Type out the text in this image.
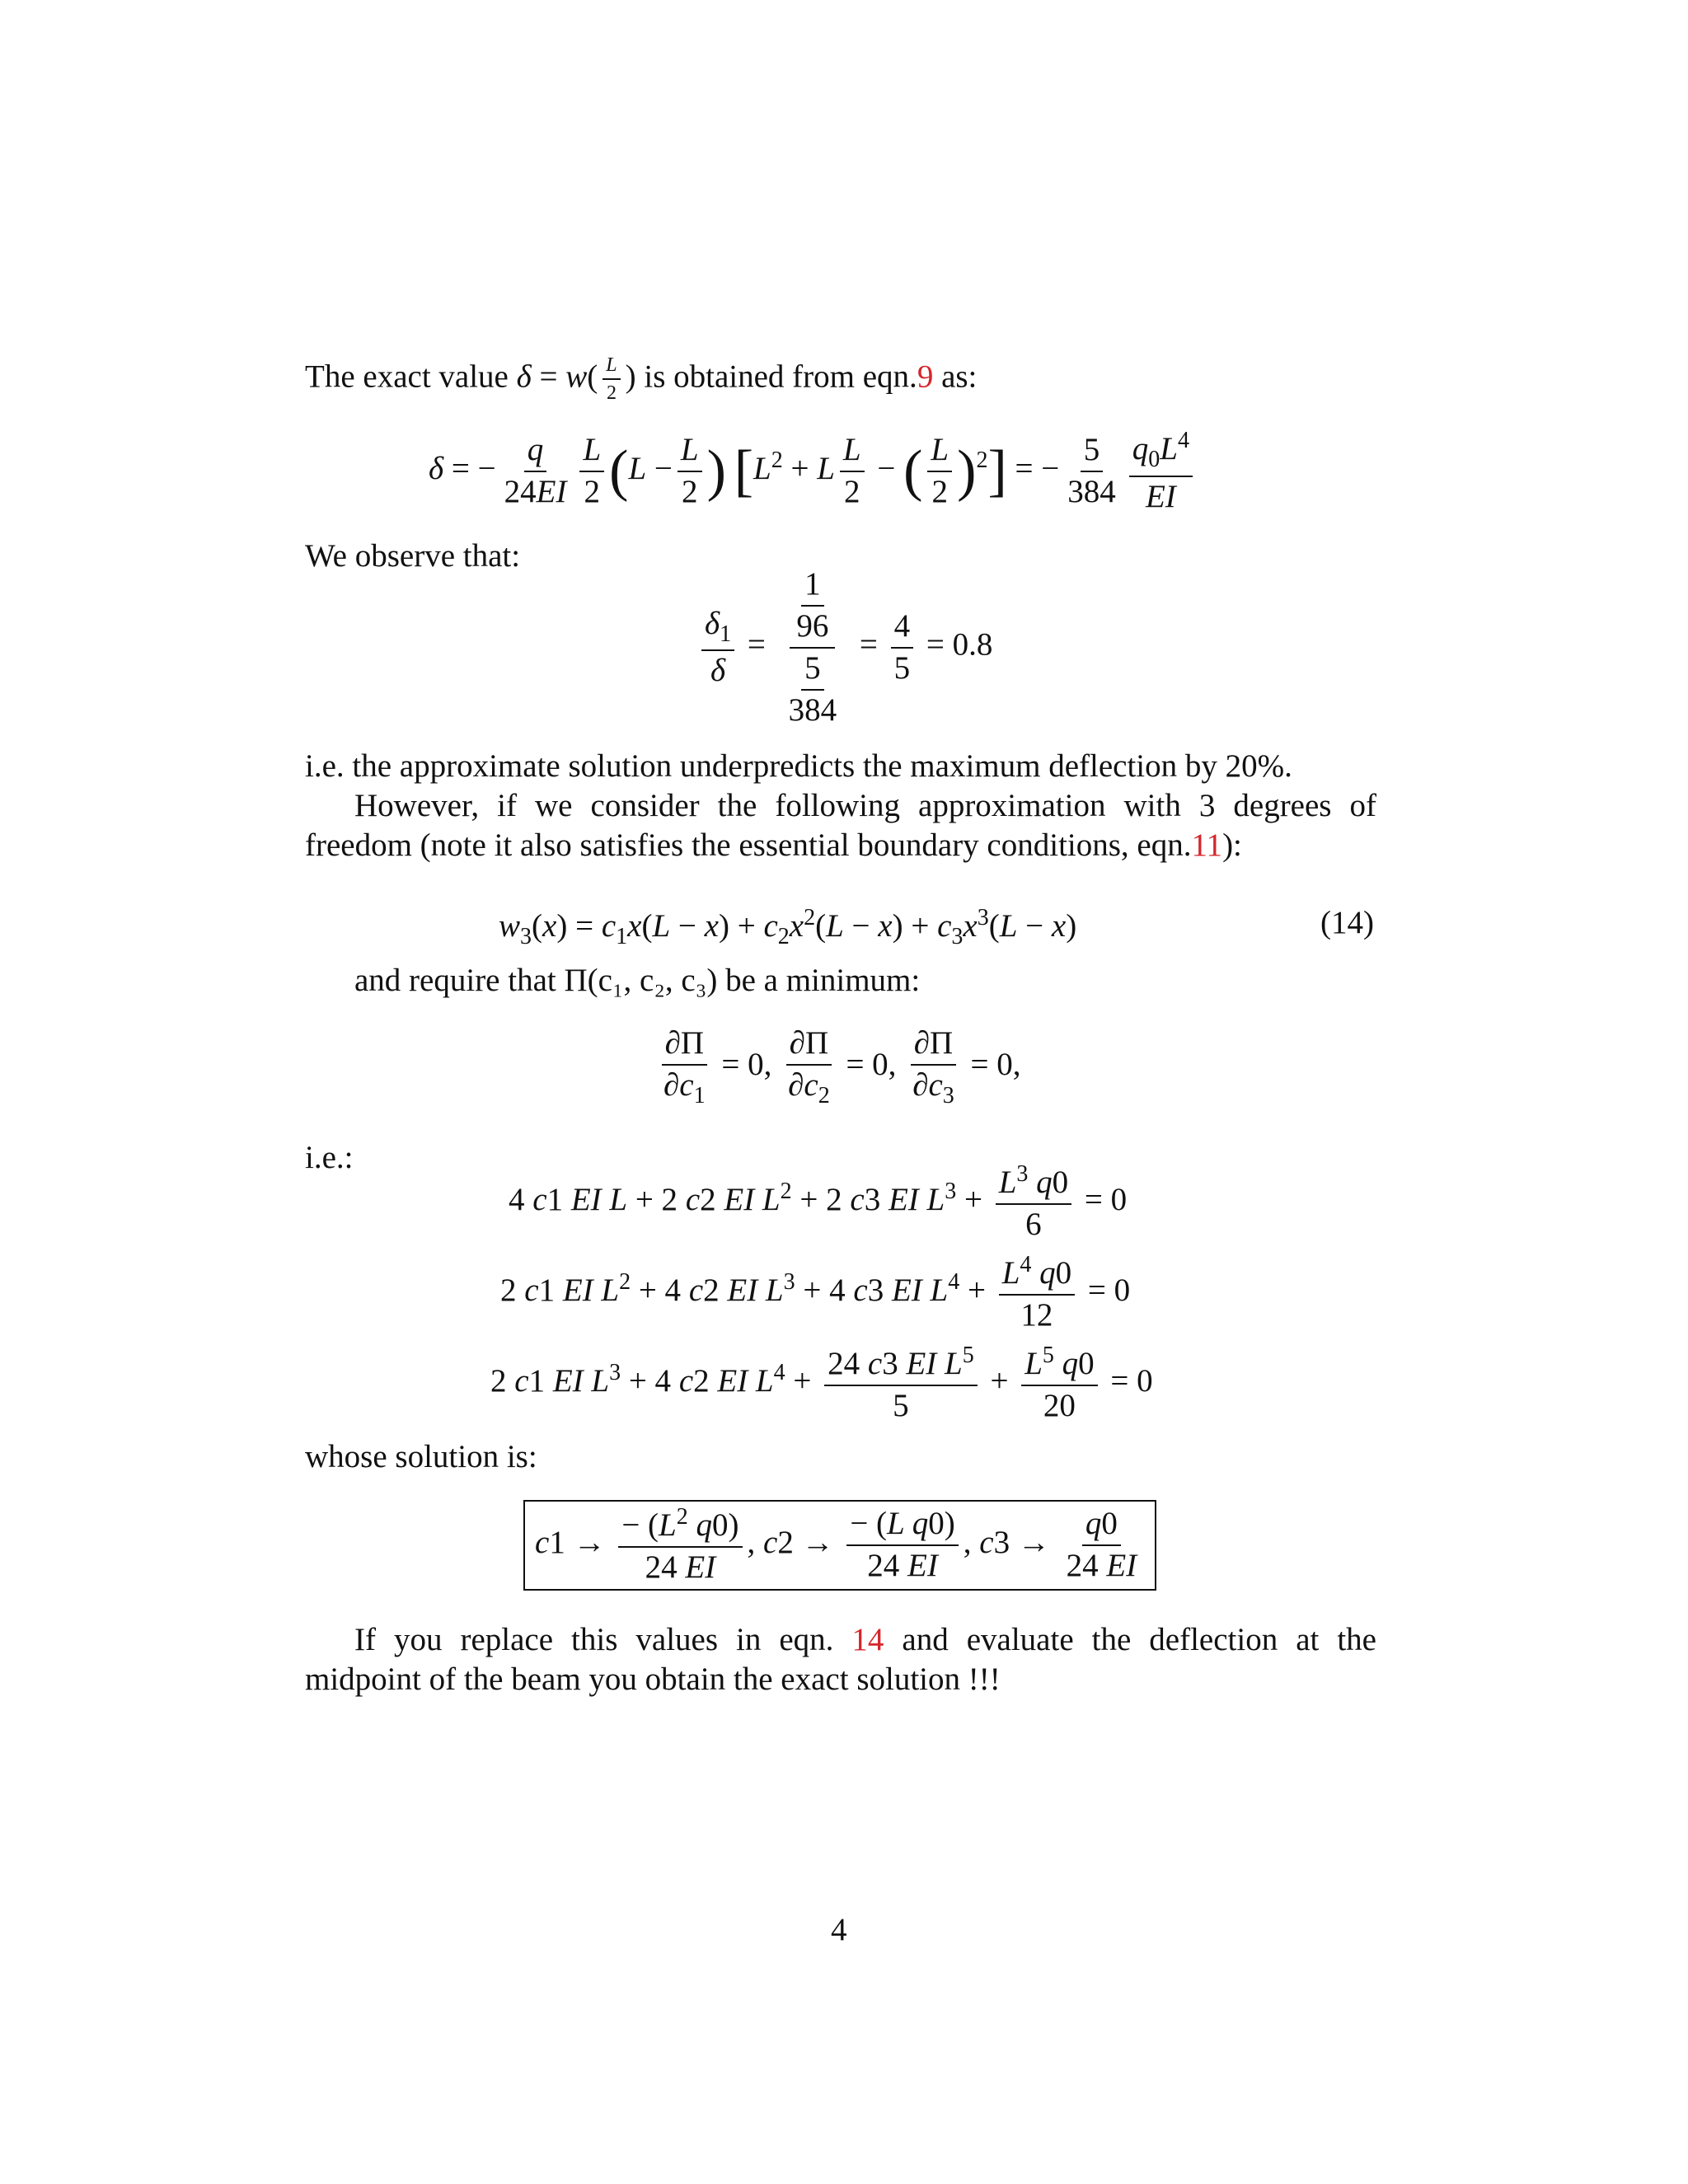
The exact value $\delta = w( \frac{L}{2}$ ) is obtained from eqn.9 as:
δ = − $\frac{q}{24EI} \frac{L}{2} (L - \frac{L}{2}$ ) [$L^2 + L \frac{L}{2}$ − ( $\frac{L}{2} )^2$] = − $\frac{5}{384} \frac{q_0L^4}{EI}$
We observe that:
$\frac{\delta_1}{\delta} = \frac{\frac{1}{96}}{\frac{5}{384}} = \frac{4}{5} = 0.8$
i.e. the approximate solution underpredicts the maximum deflection by 20%.
However, if we consider the following approximation with 3 degrees of
freedom (note it also satisfies the essential boundary conditions, eqn.11):
$w_3(x) = c_1x(L - x) + c_2x^2(L - x) + c_3x^3(L - x)$	(14)
and require that Π(c₁, c₂, c₃) be a minimum:
$\frac{\partial\Pi}{\partial c_1} = 0$, $\frac{\partial\Pi}{\partial c_2} = 0$, $\frac{\partial\Pi}{\partial c_3} = 0$,
i.e.:
4 c1 EI L + 2 c2 EI $L^2 + 2$ c3 EI $L^3 + \frac{L^3 q0}{6} = 0$
2 c1 EI $L^2 + 4$ c2 EI $L^3 + 4$ c3 EI $L^4 + \frac{L^4 q0}{12} = 0$
2 c1 EI $L^3 + 4$ c2 EI $L^4 + \frac{24 c3 EI L^5}{5} + \frac{L^5 q0}{20} = 0$
whose solution is:
$c1 \to \frac{- (L^2 q0)}{24 EI}$ , $c2 \to \frac{\text{− (L q0)}}{24 EI}$ , $c3 \to \frac{q0}{24 EI}$
If you replace this values in eqn. 14 and evaluate the deflection at the
midpoint of the beam you obtain the exact solution !!!
4
